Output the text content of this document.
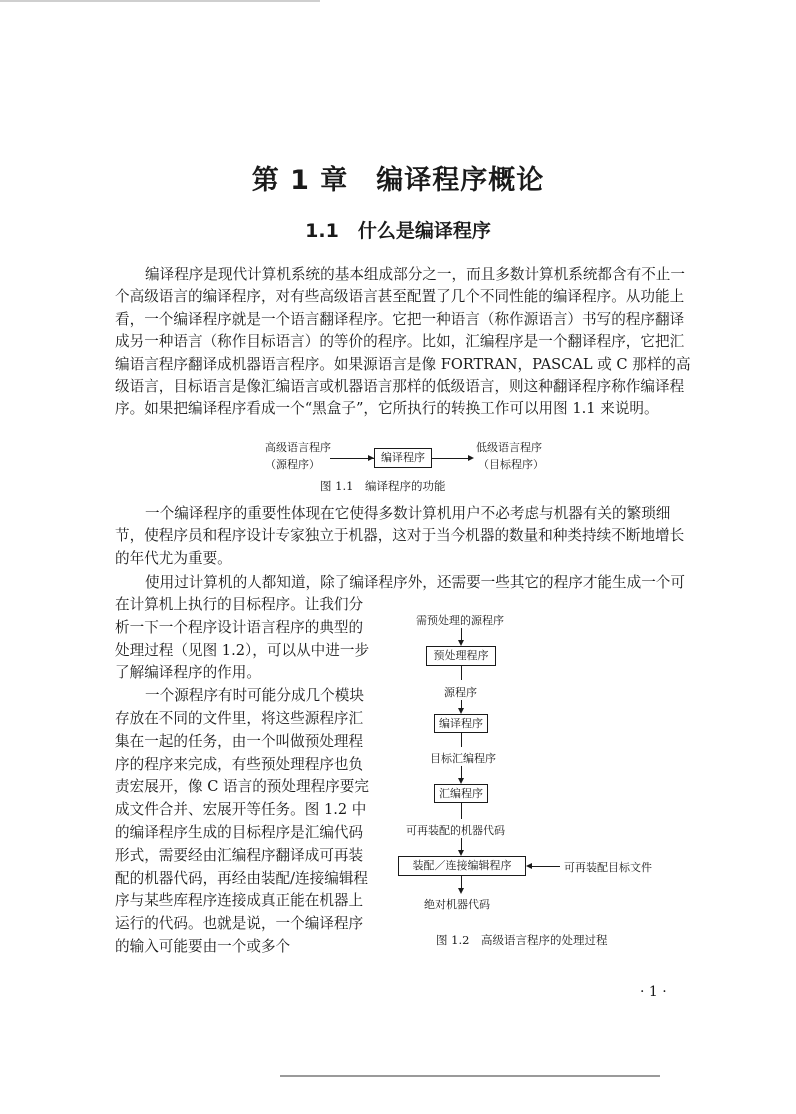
第 1 章　编译程序概论
1.1　什么是编译程序

编译程序是现代计算机系统的基本组成部分之一，而且多数计算机系统都含有不止一个高级语言的编译程序，对有些高级语言甚至配置了几个不同性能的编译程序。从功能上看，一个编译程序就是一个语言翻译程序。它把一种语言（称作源语言）书写的程序翻译成另一种语言（称作目标语言）的等价的程序。比如，汇编程序是一个翻译程序，它把汇编语言程序翻译成机器语言程序。如果源语言是像 FORTRAN，PASCAL 或 C 那样的高级语言，目标语言是像汇编语言或机器语言那样的低级语言，则这种翻译程序称作编译程序。如果把编译程序看成一个“黑盒子”，它所执行的转换工作可以用图 1.1 来说明。

高级语言程序
（源程序）
编译程序
低级语言程序
（目标程序）
图 1.1　编译程序的功能

一个编译程序的重要性体现在它使得多数计算机用户不必考虑与机器有关的繁琐细节，使程序员和程序设计专家独立于机器，这对于当今机器的数量和种类持续不断地增长的年代尤为重要。

使用过计算机的人都知道，除了编译程序外，还需要一些其它的程序才能生成一个可

在计算机上执行的目标程序。让我们分析一下一个程序设计语言程序的典型的处理过程（见图 1.2），可以从中进一步了解编译程序的作用。

一个源程序有时可能分成几个模块存放在不同的文件里，将这些源程序汇集在一起的任务，由一个叫做预处理程序的程序来完成，有些预处理程序也负责宏展开，像 C 语言的预处理程序要完成文件合并、宏展开等任务。图 1.2 中的编译程序生成的目标程序是汇编代码形式，需要经由汇编程序翻译成可再装配的机器代码，再经由装配/连接编辑程序与某些库程序连接成真正能在机器上运行的代码。也就是说，一个编译程序的输入可能要由一个或多个

需预处理的源程序
预处理程序
源程序
编译程序
目标汇编程序
汇编程序
可再装配的机器代码
装配／连接编辑程序	可再装配目标文件
绝对机器代码
图 1.2　高级语言程序的处理过程
· 1 ·
